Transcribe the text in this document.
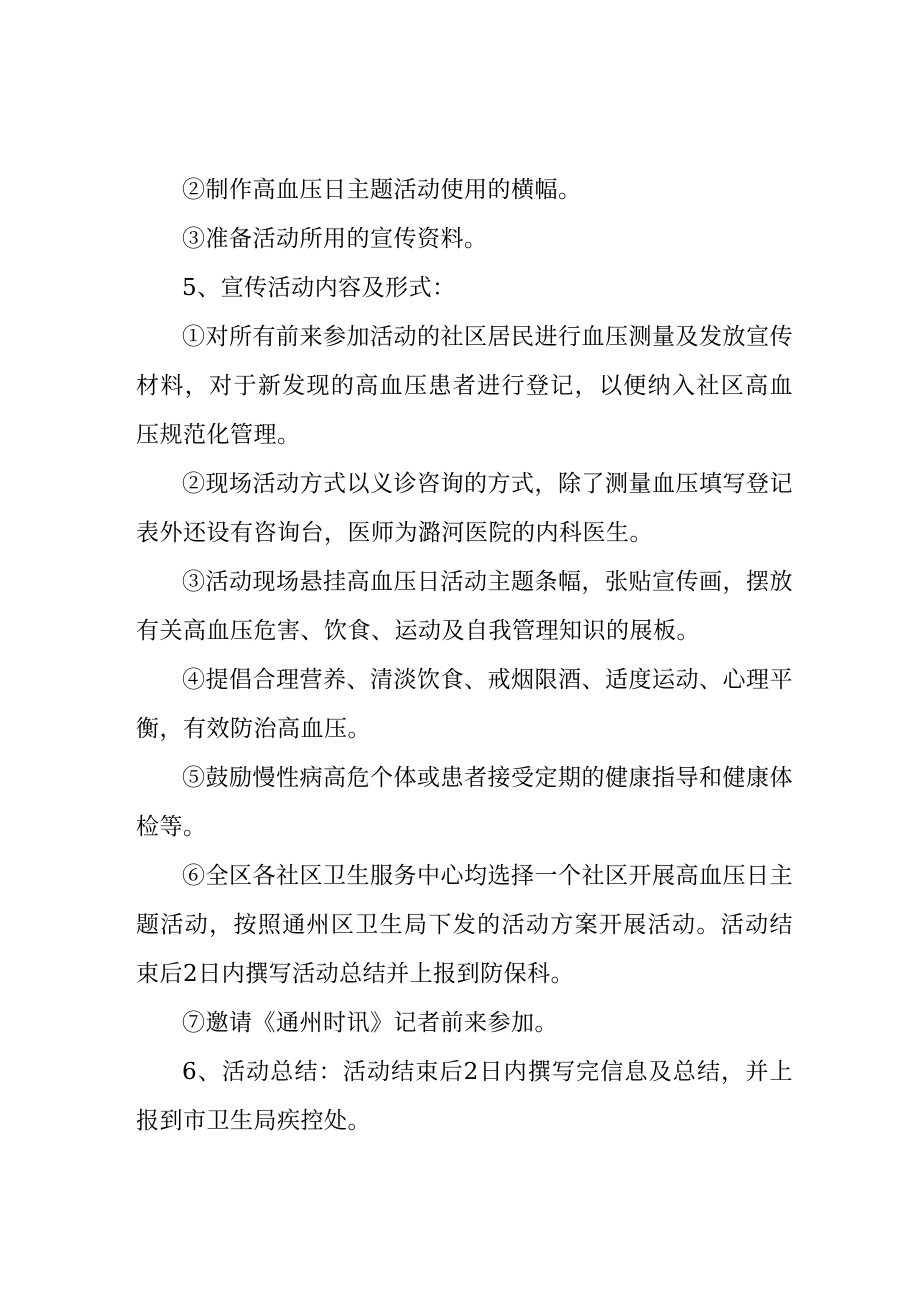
②制作高血压日主题活动使用的横幅。

③准备活动所用的宣传资料。

5、宣传活动内容及形式：

①对所有前来参加活动的社区居民进行血压测量及发放宣传材料，对于新发现的高血压患者进行登记，以便纳入社区高血压规范化管理。

②现场活动方式以义诊咨询的方式，除了测量血压填写登记表外还设有咨询台，医师为潞河医院的内科医生。

③活动现场悬挂高血压日活动主题条幅，张贴宣传画，摆放有关高血压危害、饮食、运动及自我管理知识的展板。

④提倡合理营养、清淡饮食、戒烟限酒、适度运动、心理平衡，有效防治高血压。

⑤鼓励慢性病高危个体或患者接受定期的健康指导和健康体检等。

⑥全区各社区卫生服务中心均选择一个社区开展高血压日主题活动，按照通州区卫生局下发的活动方案开展活动。活动结束后2日内撰写活动总结并上报到防保科。

⑦邀请《通州时讯》记者前来参加。

6、活动总结：活动结束后2日内撰写完信息及总结，并上报到市卫生局疾控处。
